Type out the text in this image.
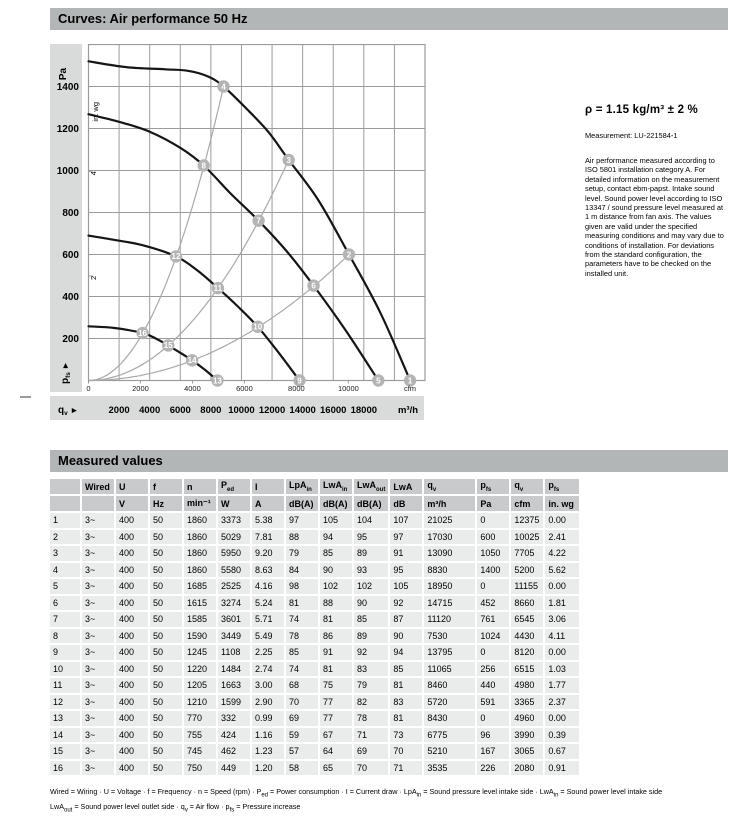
Curves: Air performance 50 Hz
1
2
3
4
5
6
7
8
9
10
11
12
13
14
15
16
200
400
600
800
1000
1200
1400
Pa
in. wg
2
4
$p_{fs}$ ►
0	2000	4000	6000	8000	10000	cfm
$q_v$ ►	2000 4000 6000 8000 10000 12000 14000 16000 18000 m³/h
ρ = 1.15 kg/m³ ± 2 %
Measurement: LU-221584-1
Air performance measured according to ISO 5801 installation category A. For detailed information on the measurement setup, contact ebm-papst. Intake sound level. Sound power level according to ISO 13347 / sound pressure level measured at 1 m distance from fan axis. The values given are valid under the specified measuring conditions and may vary due to conditions of installation. For deviations from the standard configuration, the parameters have to be checked on the installed unit.
Measured values
	Wired	U	f	n	$P_{ed}$	I	LpA$_{in}$	LwA$_{in}$	LwA$_{out}$	LwA	$q_v$	$p_{fs}$	$q_v$	$p_{fs}$
		V	Hz	min⁻¹	W	A	dB(A)	dB(A)	dB(A)	dB	m³/h	Pa	cfm	in. wg
1	3~	400	50	1860	3373	5.38	97	105	104	107	21025	0	12375	0.00
2	3~	400	50	1860	5029	7.81	88	94	95	97	17030	600	10025	2.41
3	3~	400	50	1860	5950	9.20	79	85	89	91	13090	1050	7705	4.22
4	3~	400	50	1860	5580	8.63	84	90	93	95	8830	1400	5200	5.62
5	3~	400	50	1685	2525	4.16	98	102	102	105	18950	0	11155	0.00
6	3~	400	50	1615	3274	5.24	81	88	90	92	14715	452	8660	1.81
7	3~	400	50	1585	3601	5.71	74	81	85	87	11120	761	6545	3.06
8	3~	400	50	1590	3449	5.49	78	86	89	90	7530	1024	4430	4.11
9	3~	400	50	1245	1108	2.25	85	91	92	94	13795	0	8120	0.00
10	3~	400	50	1220	1484	2.74	74	81	83	85	11065	256	6515	1.03
11	3~	400	50	1205	1663	3.00	68	75	79	81	8460	440	4980	1.77
12	3~	400	50	1210	1599	2.90	70	77	82	83	5720	591	3365	2.37
13	3~	400	50	770	332	0.99	69	77	78	81	8430	0	4960	0.00
14	3~	400	50	755	424	1.16	59	67	71	73	6775	96	3990	0.39
15	3~	400	50	745	462	1.23	57	64	69	70	5210	167	3065	0.67
16	3~	400	50	750	449	1.20	58	65	70	71	3535	226	2080	0.91
Wired = Wiring · U = Voltage · f = Frequency · n = Speed $(rpm) \cdot P_{ed}$ = Power consumption · I = Current draw · LpA$_{in}$ = Sound pressure level intake side · LwA$_{in}$ = Sound power level intake side
LwA$_{out}$ = Sound power level outlet side · $q_v$ = Air flow · $p_{fs}$ = Pressure increase
